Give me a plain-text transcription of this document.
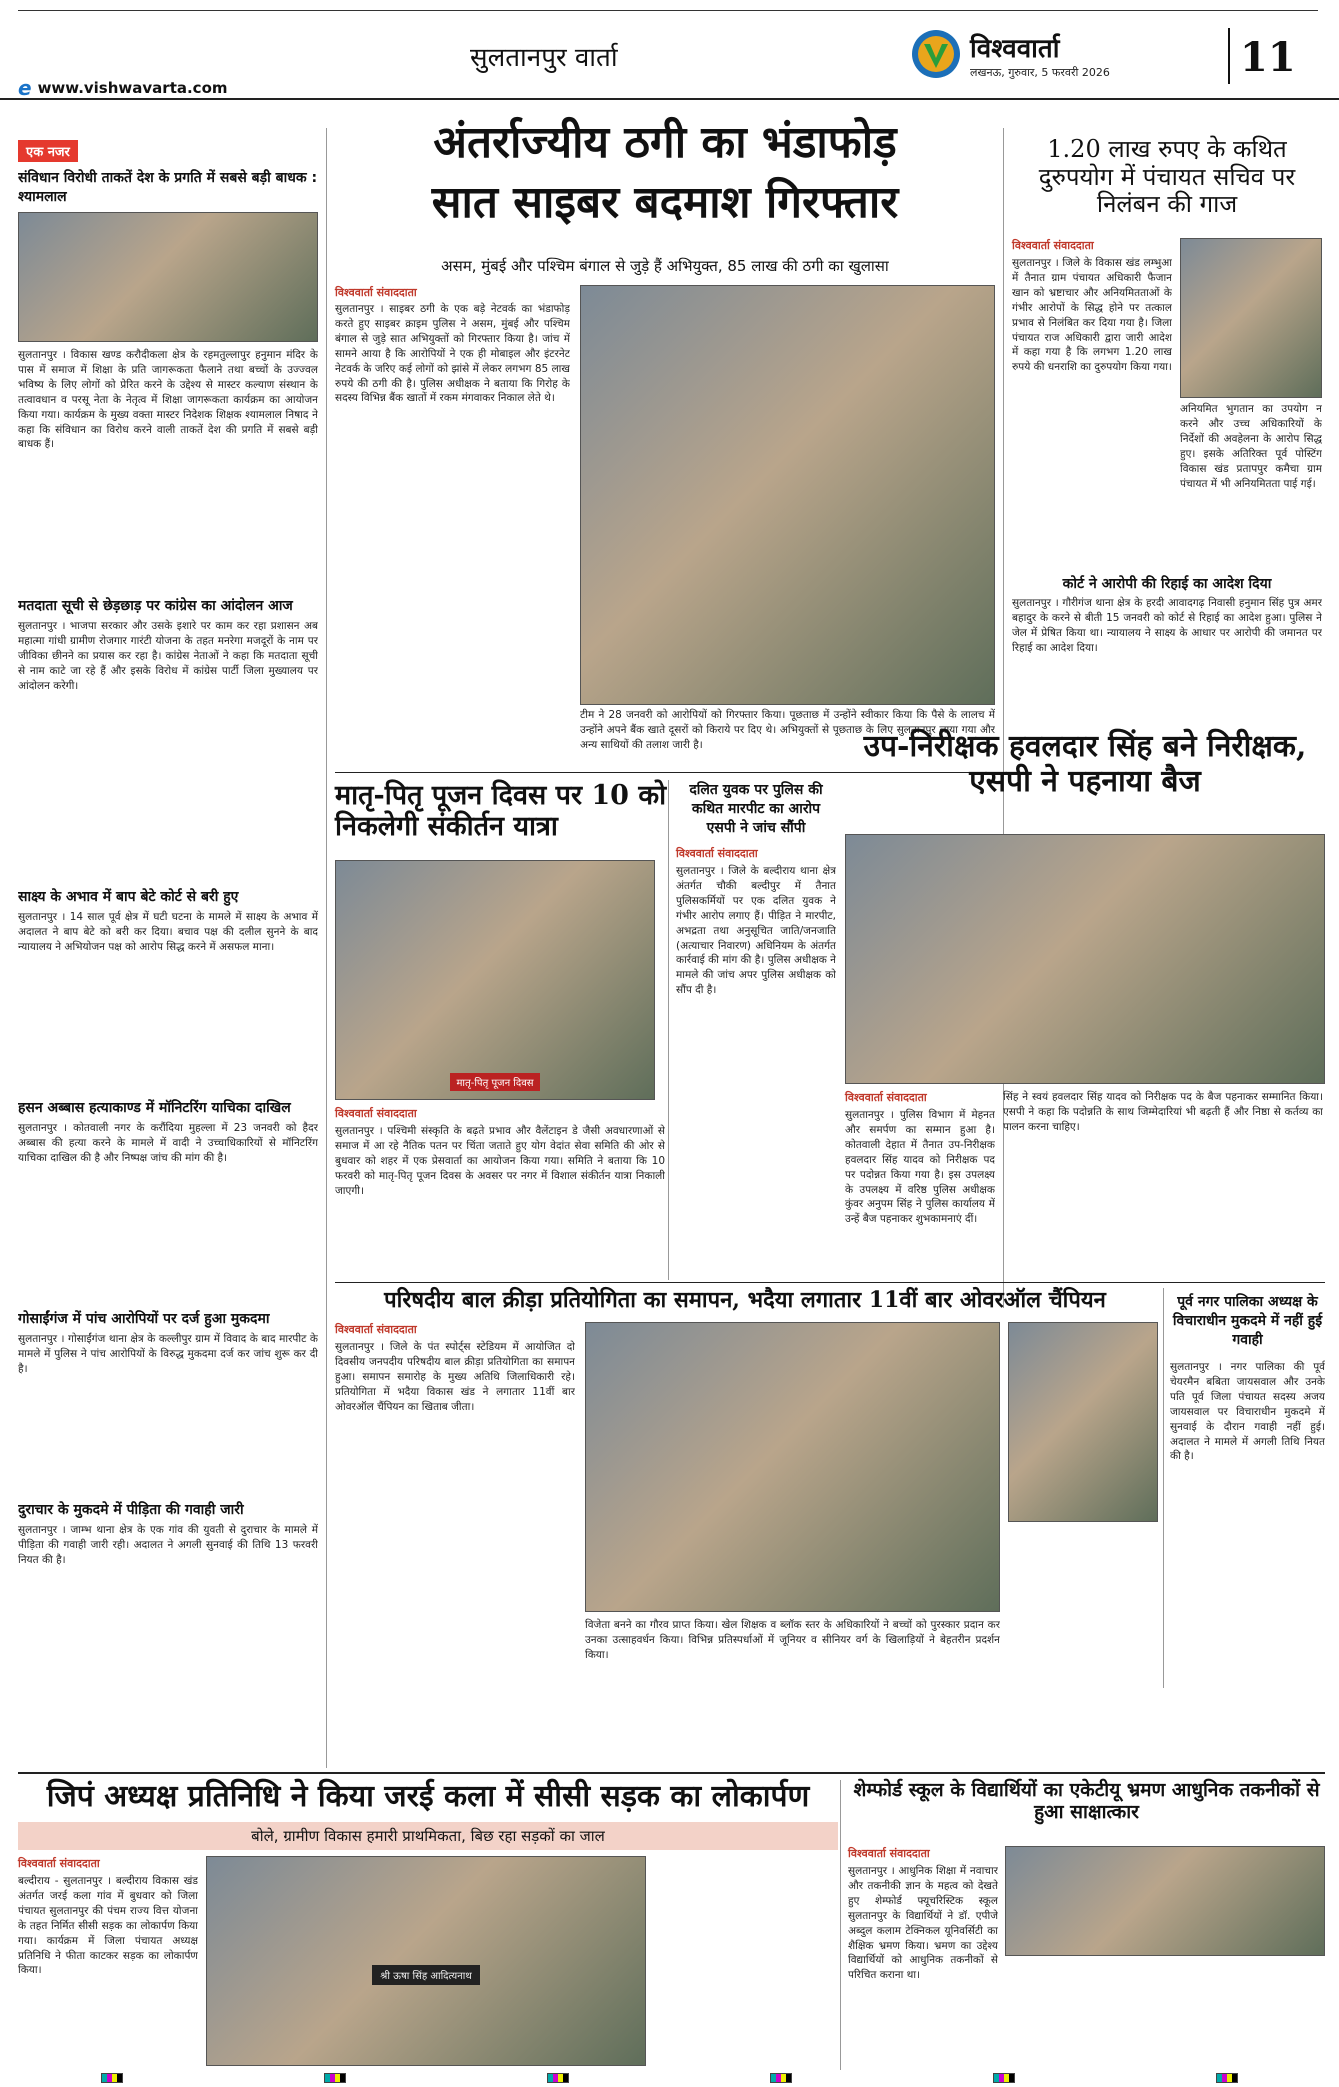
सुलतानपुर वार्ता
e www.vishwavarta.com
विश्ववार्ता
लखनऊ, गुरुवार, 5 फरवरी 2026	11
एक नजर
संविधान विरोधी ताकतें देश के प्रगति में सबसे बड़ी बाधक : श्यामलाल
सुलतानपुर । विकास खण्ड करौदीकला क्षेत्र के रहमतुल्लापुर हनुमान मंदिर के पास में समाज में शिक्षा के प्रति जागरूकता फैलाने तथा बच्चों के उज्ज्वल भविष्य के लिए लोगों को प्रेरित करने के उद्देश्य से मास्टर कल्याण संस्थान के तत्वावधान व परसू नेता के नेतृत्व में शिक्षा जागरूकता कार्यक्रम का आयोजन किया गया। कार्यक्रम के मुख्य वक्ता मास्टर निदेशक शिक्षक श्यामलाल निषाद ने कहा कि संविधान का विरोध करने वाली ताकतें देश की प्रगति में सबसे बड़ी बाधक हैं।
मतदाता सूची से छेड़छाड़ पर कांग्रेस का आंदोलन आज
सुलतानपुर । भाजपा सरकार और उसके इशारे पर काम कर रहा प्रशासन अब महात्मा गांधी ग्रामीण रोजगार गारंटी योजना के तहत मनरेगा मजदूरों के नाम पर जीविका छीनने का प्रयास कर रहा है। कांग्रेस नेताओं ने कहा कि मतदाता सूची से नाम काटे जा रहे हैं और इसके विरोध में कांग्रेस पार्टी जिला मुख्यालय पर आंदोलन करेगी।
साक्ष्य के अभाव में बाप बेटे कोर्ट से बरी हुए
सुलतानपुर । 14 साल पूर्व क्षेत्र में घटी घटना के मामले में साक्ष्य के अभाव में अदालत ने बाप बेटे को बरी कर दिया। बचाव पक्ष की दलील सुनने के बाद न्यायालय ने अभियोजन पक्ष को आरोप सिद्ध करने में असफल माना।
हसन अब्बास हत्याकाण्ड में मॉनिटरिंग याचिका दाखिल
सुलतानपुर । कोतवाली नगर के करौंदिया मुहल्ला में 23 जनवरी को हैदर अब्बास की हत्या करने के मामले में वादी ने उच्चाधिकारियों से मॉनिटरिंग याचिका दाखिल की है और निष्पक्ष जांच की मांग की है।
गोसाईंगंज में पांच आरोपियों पर दर्ज हुआ मुकदमा
सुलतानपुर । गोसाईंगंज थाना क्षेत्र के कल्लीपुर ग्राम में विवाद के बाद मारपीट के मामले में पुलिस ने पांच आरोपियों के विरुद्ध मुकदमा दर्ज कर जांच शुरू कर दी है।
दुराचार के मुकदमे में पीड़िता की गवाही जारी
सुलतानपुर । जाम्भ थाना क्षेत्र के एक गांव की युवती से दुराचार के मामले में पीड़िता की गवाही जारी रही। अदालत ने अगली सुनवाई की तिथि 13 फरवरी नियत की है।
अंतर्राज्यीय ठगी का भंडाफोड़
सात साइबर बदमाश गिरफ्तार
असम, मुंबई और पश्चिम बंगाल से जुड़े हैं अभियुक्त, 85 लाख की ठगी का खुलासा
विश्ववार्ता संवाददाता
सुलतानपुर । साइबर ठगी के एक बड़े नेटवर्क का भंडाफोड़ करते हुए साइबर क्राइम पुलिस ने असम, मुंबई और पश्चिम बंगाल से जुड़े सात अभियुक्तों को गिरफ्तार किया है। जांच में सामने आया है कि आरोपियों ने एक ही मोबाइल और इंटरनेट नेटवर्क के जरिए कई लोगों को झांसे में लेकर लगभग 85 लाख रुपये की ठगी की है। पुलिस अधीक्षक ने बताया कि गिरोह के सदस्य विभिन्न बैंक खातों में रकम मंगवाकर निकाल लेते थे।
टीम ने 28 जनवरी को आरोपियों को गिरफ्तार किया। पूछताछ में उन्होंने स्वीकार किया कि पैसे के लालच में उन्होंने अपने बैंक खाते दूसरों को किराये पर दिए थे। अभियुक्तों से पूछताछ के लिए सुलतानपुर लाया गया और अन्य साथियों की तलाश जारी है।
1.20 लाख रुपए के कथित दुरुपयोग में पंचायत सचिव पर निलंबन की गाज
विश्ववार्ता संवाददाता
सुलतानपुर । जिले के विकास खंड लम्भुआ में तैनात ग्राम पंचायत अधिकारी फैजान खान को भ्रष्टाचार और अनियमितताओं के गंभीर आरोपों के सिद्ध होने पर तत्काल प्रभाव से निलंबित कर दिया गया है। जिला पंचायत राज अधिकारी द्वारा जारी आदेश में कहा गया है कि लगभग 1.20 लाख रुपये की धनराशि का दुरुपयोग किया गया।
अनियमित भुगतान का उपयोग न करने और उच्च अधिकारियों के निर्देशों की अवहेलना के आरोप सिद्ध हुए। इसके अतिरिक्त पूर्व पोस्टिंग विकास खंड प्रतापपुर कमैचा ग्राम पंचायत में भी अनियमितता पाई गई।
कोर्ट ने आरोपी की रिहाई का आदेश दिया
सुलतानपुर । गौरीगंज थाना क्षेत्र के हरदी आवादगढ़ निवासी हनुमान सिंह पुत्र अमर बहादुर के करने से बीती 15 जनवरी को कोर्ट से रिहाई का आदेश हुआ। पुलिस ने जेल में प्रेषित किया था। न्यायालय ने साक्ष्य के आधार पर आरोपी की जमानत पर रिहाई का आदेश दिया।
मातृ-पितृ पूजन दिवस पर 10 को निकलेगी संकीर्तन यात्रा
मातृ-पितृ पूजन दिवस
विश्ववार्ता संवाददाता
सुलतानपुर । पश्चिमी संस्कृति के बढ़ते प्रभाव और वैलेंटाइन डे जैसी अवधारणाओं से समाज में आ रहे नैतिक पतन पर चिंता जताते हुए योग वेदांत सेवा समिति की ओर से बुधवार को शहर में एक प्रेसवार्ता का आयोजन किया गया। समिति ने बताया कि 10 फरवरी को मातृ-पितृ पूजन दिवस के अवसर पर नगर में विशाल संकीर्तन यात्रा निकाली जाएगी।
दलित युवक पर पुलिस की कथित मारपीट का आरोप एसपी ने जांच सौंपी
विश्ववार्ता संवाददाता
सुलतानपुर । जिले के बल्दीराय थाना क्षेत्र अंतर्गत चौकी बल्दीपुर में तैनात पुलिसकर्मियों पर एक दलित युवक ने गंभीर आरोप लगाए हैं। पीड़ित ने मारपीट, अभद्रता तथा अनुसूचित जाति/जनजाति (अत्याचार निवारण) अधिनियम के अंतर्गत कार्रवाई की मांग की है। पुलिस अधीक्षक ने मामले की जांच अपर पुलिस अधीक्षक को सौंप दी है।
उप-निरीक्षक हवलदार सिंह बने निरीक्षक, एसपी ने पहनाया बैज
विश्ववार्ता संवाददाता
सुलतानपुर । पुलिस विभाग में मेहनत और समर्पण का सम्मान हुआ है। कोतवाली देहात में तैनात उप-निरीक्षक हवलदार सिंह यादव को निरीक्षक पद पर पदोन्नत किया गया है। इस उपलक्ष्य के उपलक्ष्य में वरिष्ठ पुलिस अधीक्षक कुंवर अनुपम सिंह ने पुलिस कार्यालय में उन्हें बैज पहनाकर शुभकामनाएं दीं।
सिंह ने स्वयं हवलदार सिंह यादव को निरीक्षक पद के बैज पहनाकर सम्मानित किया। एसपी ने कहा कि पदोन्नति के साथ जिम्मेदारियां भी बढ़ती हैं और निष्ठा से कर्तव्य का पालन करना चाहिए।
परिषदीय बाल क्रीड़ा प्रतियोगिता का समापन, भदैया लगातार 11वीं बार ओवरऑल चैंपियन
विश्ववार्ता संवाददाता
सुलतानपुर । जिले के पंत स्पोर्ट्स स्टेडियम में आयोजित दो दिवसीय जनपदीय परिषदीय बाल क्रीड़ा प्रतियोगिता का समापन हुआ। समापन समारोह के मुख्य अतिथि जिलाधिकारी रहे। प्रतियोगिता में भदैया विकास खंड ने लगातार 11वीं बार ओवरऑल चैंपियन का खिताब जीता।
विजेता बनने का गौरव प्राप्त किया। खेल शिक्षक व ब्लॉक स्तर के अधिकारियों ने बच्चों को पुरस्कार प्रदान कर उनका उत्साहवर्धन किया। विभिन्न प्रतिस्पर्धाओं में जूनियर व सीनियर वर्ग के खिलाड़ियों ने बेहतरीन प्रदर्शन किया।
पूर्व नगर पालिका अध्यक्ष के विचाराधीन मुकदमे में नहीं हुई गवाही
सुलतानपुर । नगर पालिका की पूर्व चेयरमैन बबिता जायसवाल और उनके पति पूर्व जिला पंचायत सदस्य अजय जायसवाल पर विचाराधीन मुकदमे में सुनवाई के दौरान गवाही नहीं हुई। अदालत ने मामले में अगली तिथि नियत की है।
जिपं अध्यक्ष प्रतिनिधि ने किया जरई कला में सीसी सड़क का लोकार्पण
बोले, ग्रामीण विकास हमारी प्राथमिकता, बिछ रहा सड़कों का जाल
विश्ववार्ता संवाददाता
बल्दीराय - सुलतानपुर । बल्दीराय विकास खंड अंतर्गत जरई कला गांव में बुधवार को जिला पंचायत सुलतानपुर की पंचम राज्य वित्त योजना के तहत निर्मित सीसी सड़क का लोकार्पण किया गया। कार्यक्रम में जिला पंचायत अध्यक्ष प्रतिनिधि ने फीता काटकर सड़क का लोकार्पण किया।
श्री ऊषा सिंह आदित्यनाथ
शेम्फोर्ड स्कूल के विद्यार्थियों का एकेटीयू भ्रमण आधुनिक तकनीकों से हुआ साक्षात्कार
विश्ववार्ता संवाददाता
सुलतानपुर । आधुनिक शिक्षा में नवाचार और तकनीकी ज्ञान के महत्व को देखते हुए शेम्फोर्ड फ्यूचरिस्टिक स्कूल सुलतानपुर के विद्यार्थियों ने डॉ. एपीजे अब्दुल कलाम टेक्निकल यूनिवर्सिटी का शैक्षिक भ्रमण किया। भ्रमण का उद्देश्य विद्यार्थियों को आधुनिक तकनीकों से परिचित कराना था।
